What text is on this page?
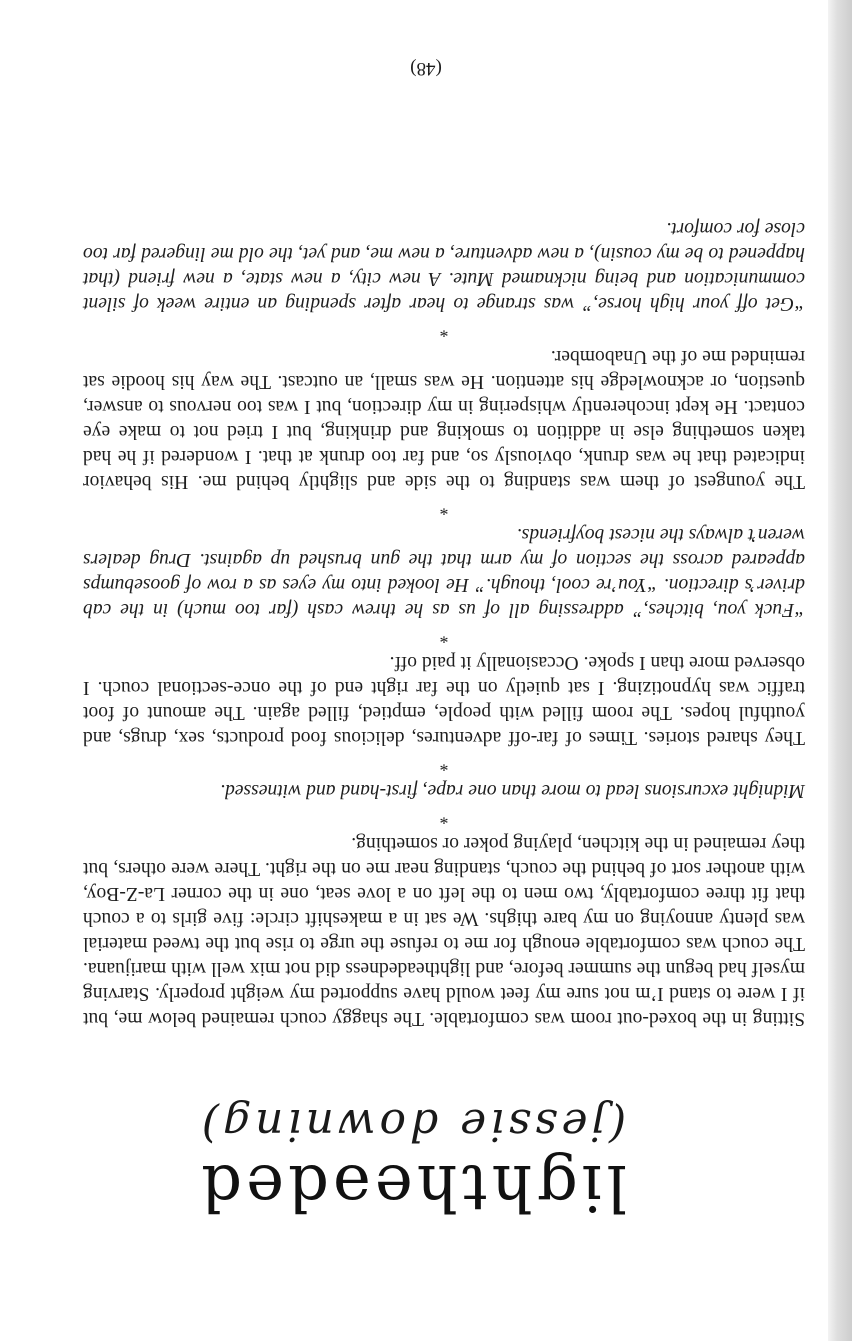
lightheəded
(jessie downing)

Sitting in the boxed-out room was comfortable. The shaggy couch remained below me, but if I were to stand I’m not sure my feet would have supported my weight properly. Starving myself had begun the summer before, and lightheadedness did not mix well with marijuana. The couch was comfortable enough for me to refuse the urge to rise but the tweed material was plenty annoying on my bare thighs. We sat in a makeshift circle: five girls to a couch that fit three comfortably, two men to the left on a love seat, one in the corner La-Z-Boy, with another sort of behind the couch, standing near me on the right. There were others, but they remained in the kitchen, playing poker or something.

*

Midnight excursions lead to more than one rape, first-hand and witnessed.

*

They shared stories. Times of far-off adventures, delicious food products, sex, drugs, and youthful hopes. The room filled with people, emptied, filled again. The amount of foot traffic was hypnotizing. I sat quietly on the far right end of the once-sectional couch. I observed more than I spoke. Occasionally it paid off.

*

“Fuck you, bitches,” addressing all of us as he threw cash (far too much) in the cab driver’s direction. “You’re cool, though.” He looked into my eyes as a row of goosebumps appeared across the section of my arm that the gun brushed up against. Drug dealers weren’t always the nicest boyfriends.

*

The youngest of them was standing to the side and slightly behind me. His behavior indicated that he was drunk, obviously so, and far too drunk at that. I wondered if he had taken something else in addition to smoking and drinking, but I tried not to make eye contact. He kept incoherently whispering in my direction, but I was too nervous to answer, question, or acknowledge his attention. He was small, an outcast. The way his hoodie sat reminded me of the Unabomber.

*

“Get off your high horse,” was strange to hear after spending an entire week of silent communication and being nicknamed Mute. A new city, a new state, a new friend (that happened to be my cousin), a new adventure, a new me, and yet, the old me lingered far too close for comfort.

(48)
